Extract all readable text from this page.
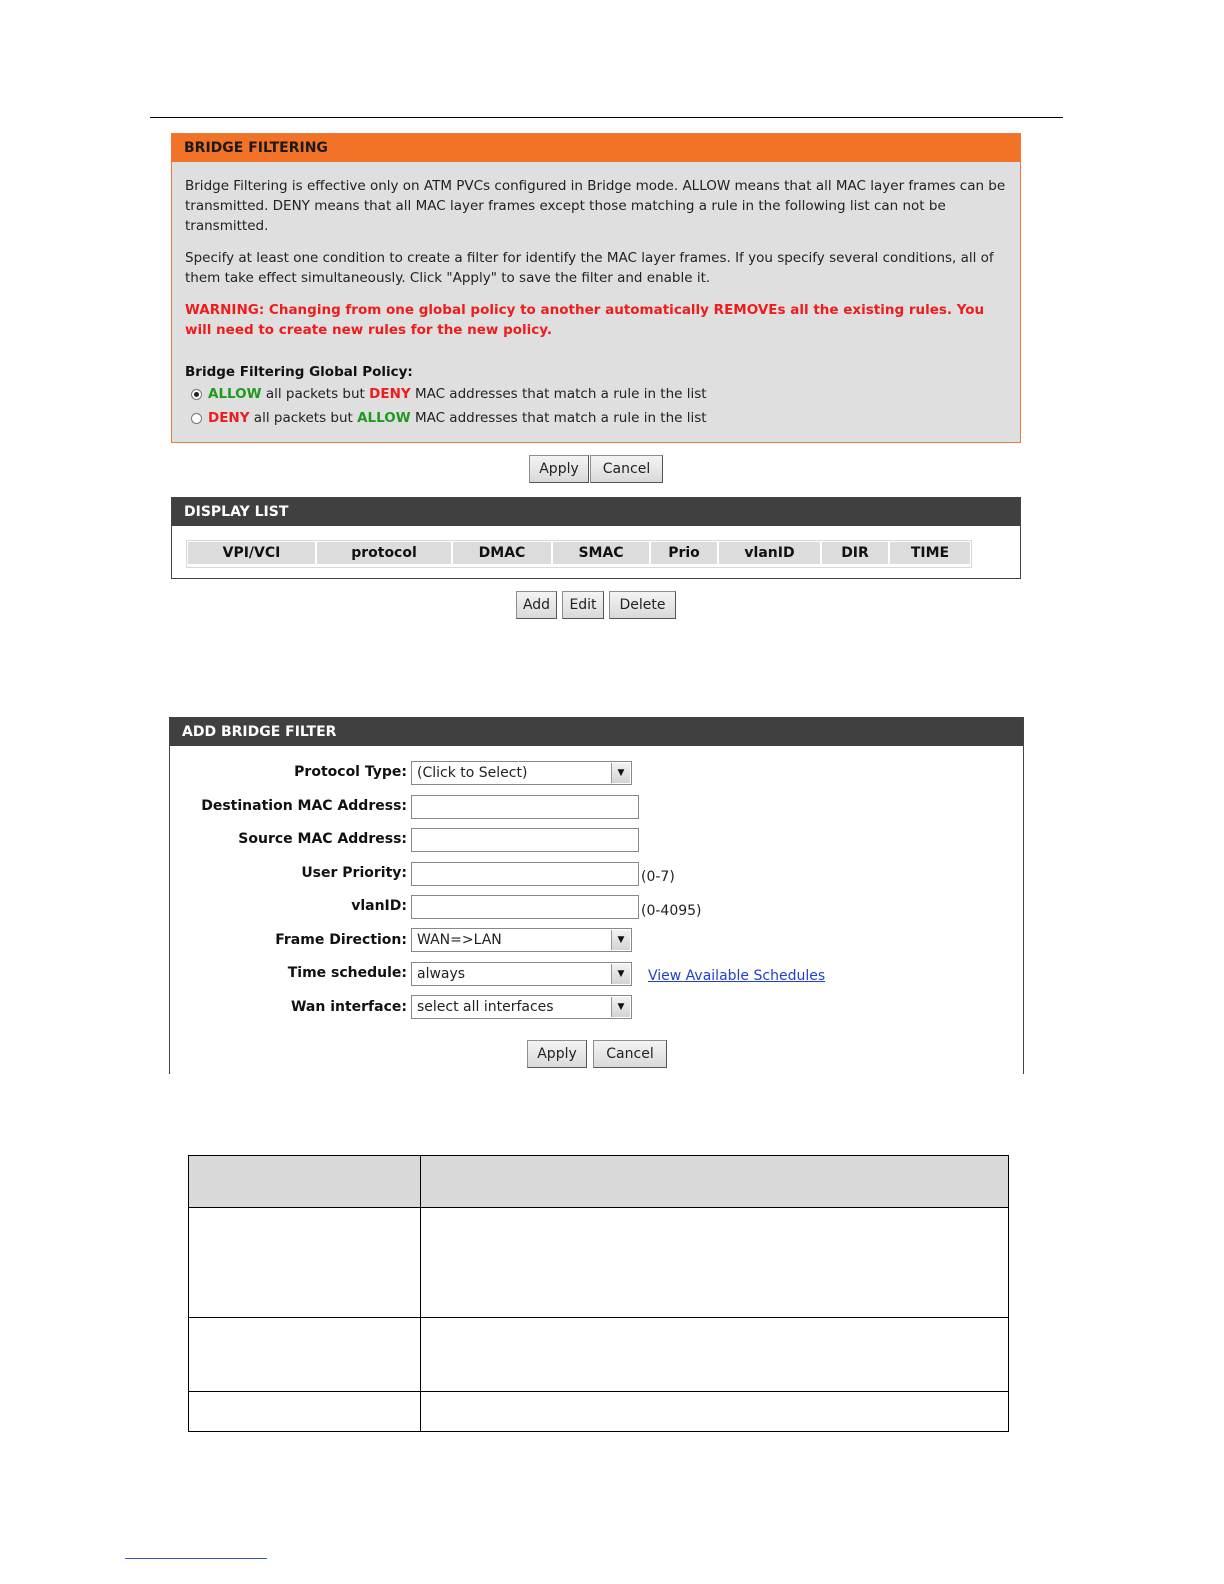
BRIDGE FILTERING

Bridge Filtering is effective only on ATM PVCs configured in Bridge mode. ALLOW means that all MAC layer frames can be transmitted. DENY means that all MAC layer frames except those matching a rule in the following list can not be transmitted.

Specify at least one condition to create a filter for identify the MAC layer frames. If you specify several conditions, all of them take effect simultaneously. Click "Apply" to save the filter and enable it.

WARNING: Changing from one global policy to another automatically REMOVEs all the existing rules. You will need to create new rules for the new policy.

Bridge Filtering Global Policy:
ALLOW all packets but DENY MAC addresses that match a rule in the list
DENY all packets but ALLOW MAC addresses that match a rule in the list
Apply	Cancel
DISPLAY LIST
VPI/VCI	protocol	DMAC	SMAC	Prio	vlanID	DIR	TIME
Add	Edit	Delete
ADD BRIDGE FILTER
Protocol Type: (Click to Select)	▼
Destination MAC Address:
Source MAC Address:
User Priority:	(0-7)
vlanID:	(0-4095)
Frame Direction: WAN=>LAN	▼
Time schedule: always	▼	View Available Schedules
Wan interface: select all interfaces	▼
Apply	Cancel
